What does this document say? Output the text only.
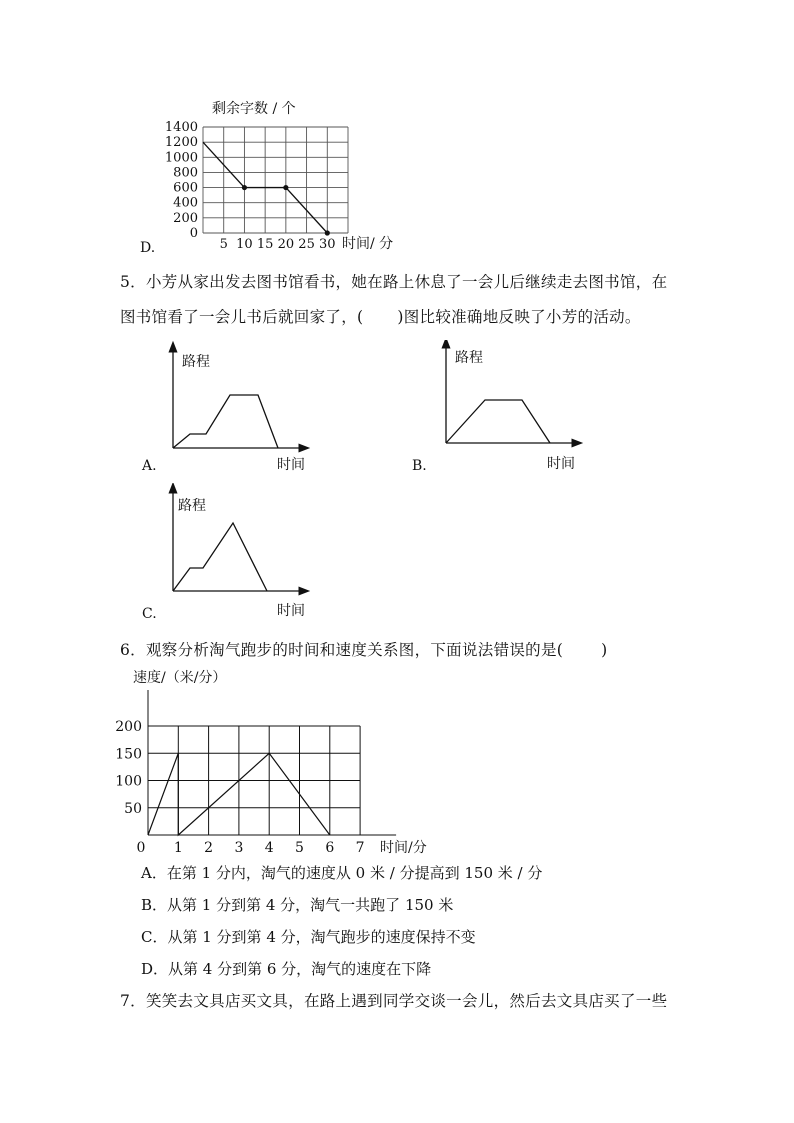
剩余字数 / 个
0
200
400
600
800
1000
1200
1400
5 10 15 20 25 30 时间/ 分
D.
5．小芳从家出发去图书馆看书，她在路上休息了一会儿后继续走去图书馆，在
图书馆看了一会儿书后就回家了，( )图比较准确地反映了小芳的活动。
路程
时间
A.
路程
时间
B.
路程
时间
C.
6．观察分析淘气跑步的时间和速度关系图，下面说法错误的是( )
速度/（米/分）
50
100
150
200
0 1 2 3 4 5 6 7 时间/分
A．在第 1 分内，淘气的速度从 0 米 / 分提高到 150 米 / 分
B．从第 1 分到第 4 分，淘气一共跑了 150 米
C．从第 1 分到第 4 分，淘气跑步的速度保持不变
D．从第 4 分到第 6 分，淘气的速度在下降
7．笑笑去文具店买文具，在路上遇到同学交谈一会儿，然后去文具店买了一些
